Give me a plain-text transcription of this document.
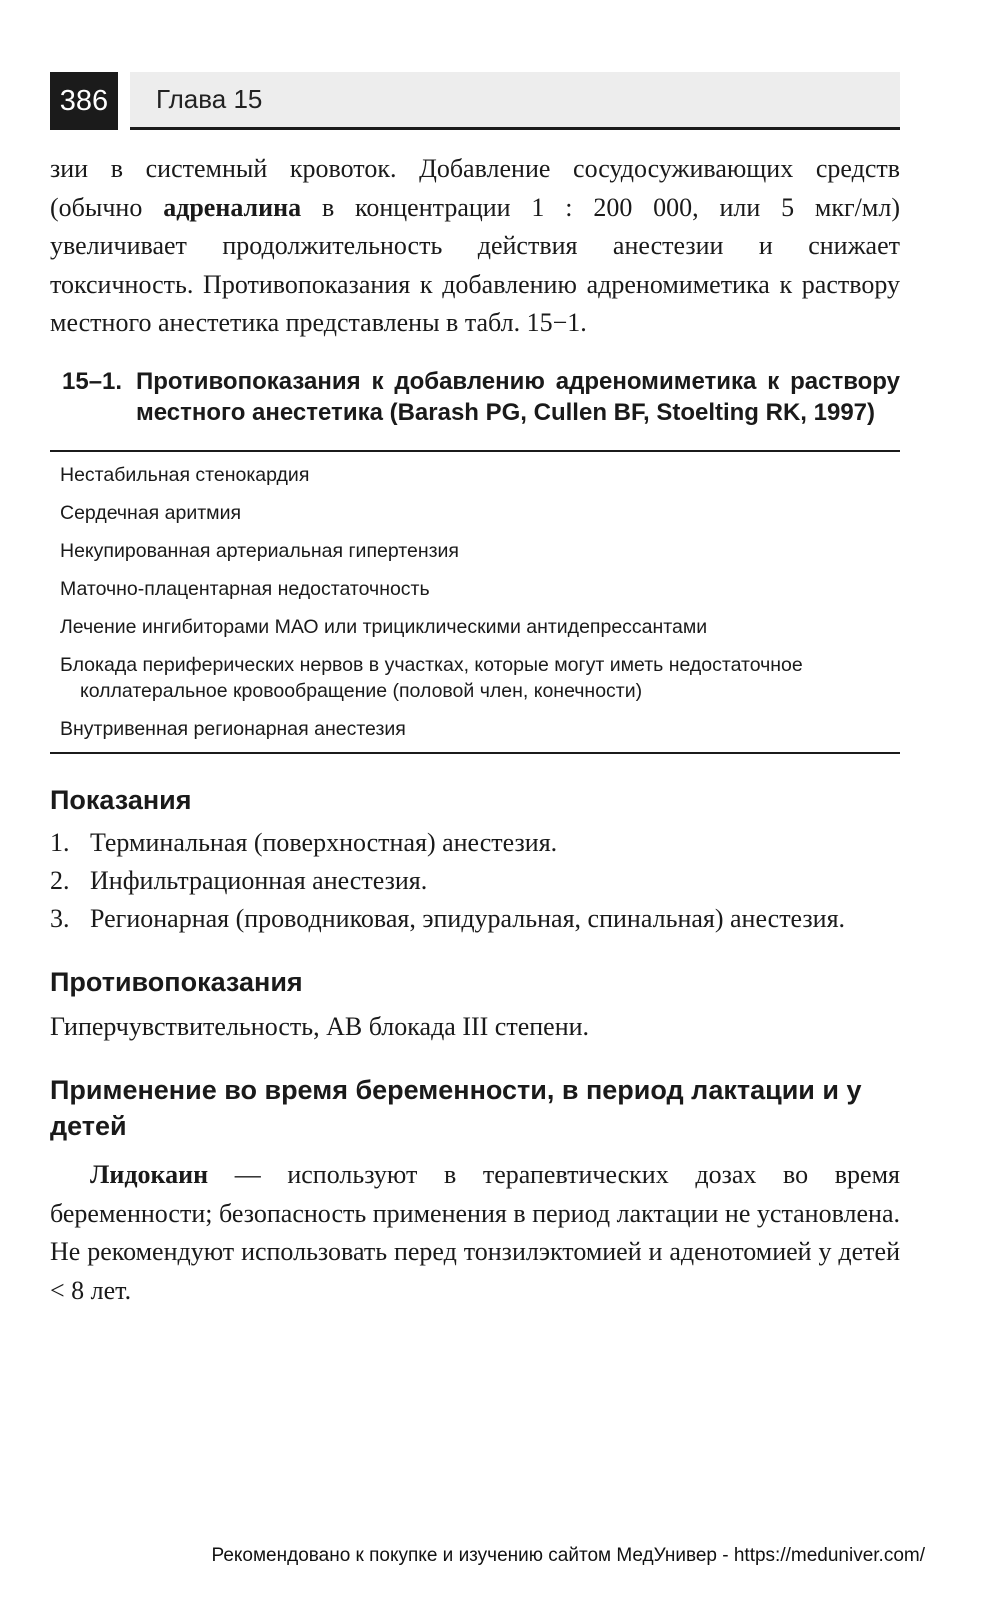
386	Глава 15

зии в системный кровоток. Добавление сосудосуживающих средств (обычно адреналина в концентрации 1 : 200 000, или 5 мкг/мл) увеличивает продолжительность действия анестезии и снижает токсичность. Противопоказания к добавлению адреномиметика к раствору местного анестетика представлены в табл. 15−1.

15–1. Противопоказания к добавлению адреномиметика к раствору местного анестетика (Barash PG, Cullen BF, Stoelting RK, 1997)
Нестабильная стенокардия
Сердечная аритмия
Некупированная артериальная гипертензия
Маточно-плацентарная недостаточность
Лечение ингибиторами МАО или трициклическими антидепрессантами
Блокада периферических нервов в участках, которые могут иметь недостаточное коллатеральное кровообращение (половой член, конечности)
Внутривенная регионарная анестезия
Показания
1. Терминальная (поверхностная) анестезия.
2. Инфильтрационная анестезия.
3. Регионарная (проводниковая, эпидуральная, спинальная) анестезия.
Противопоказания

Гиперчувствительность, АВ блокада III степени.

Применение во время беременности, в период лактации и у детей

Лидокаин — используют в терапевтических дозах во время беременности; безопасность применения в период лактации не установлена. Не рекомендуют использовать перед тонзилэктомией и аденотомией у детей < 8 лет.

Рекомендовано к покупке и изучению сайтом МедУнивер - https://meduniver.com/
